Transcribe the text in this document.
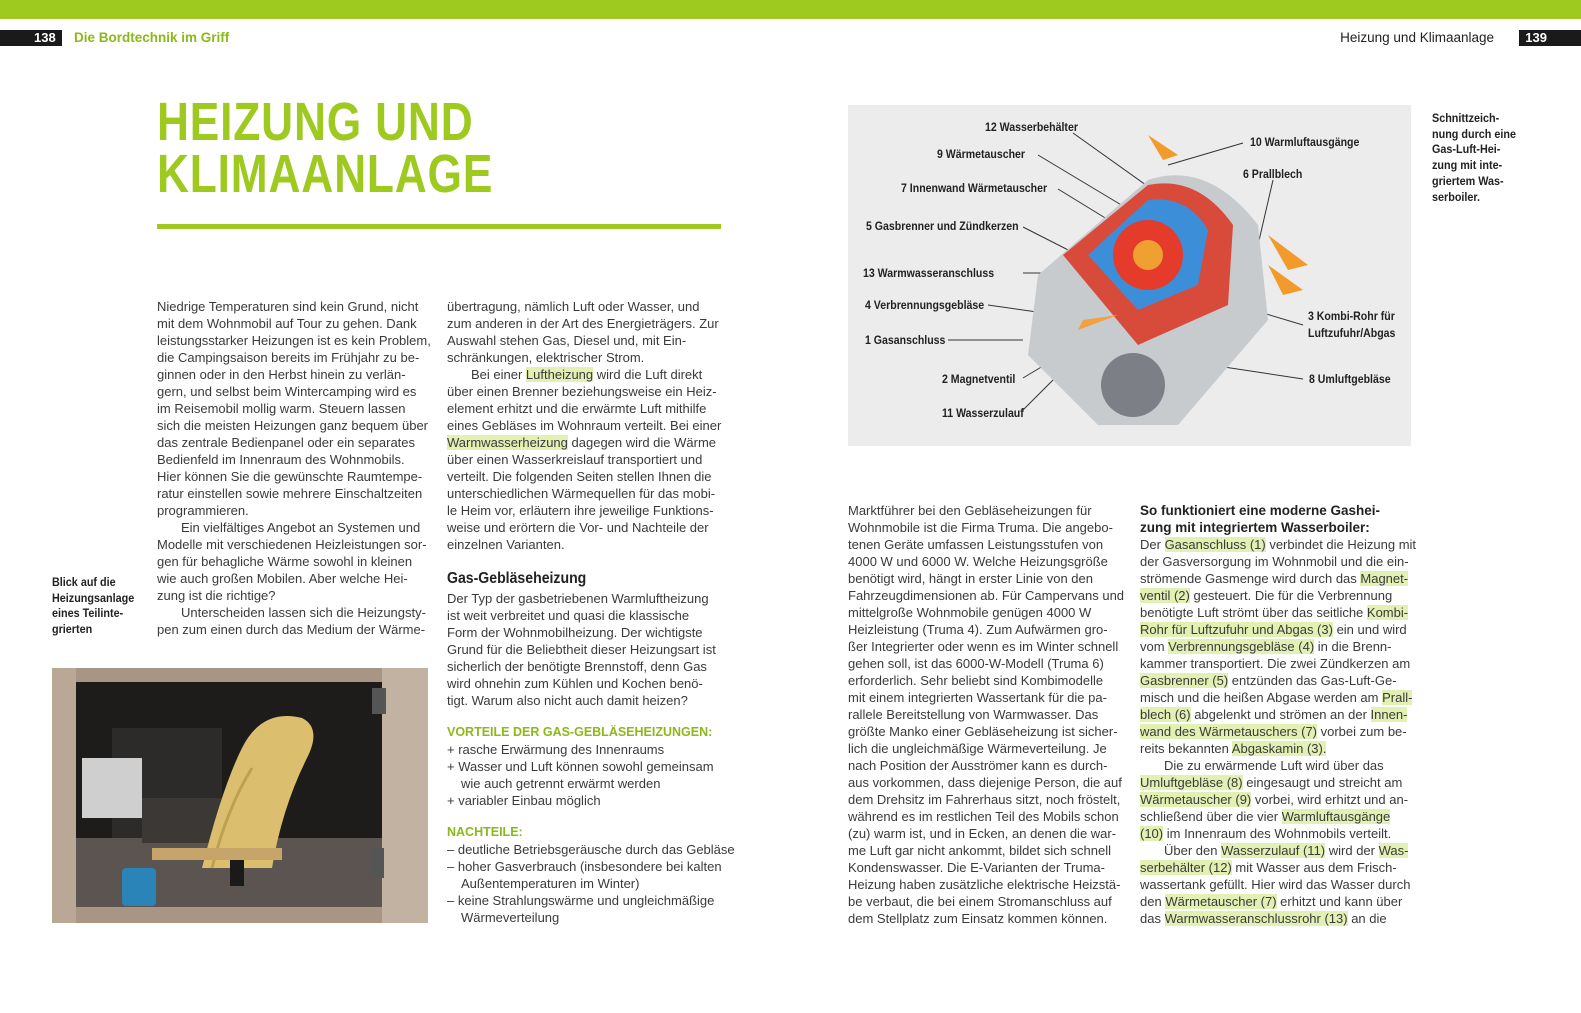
138	Die Bordtechnik im Griff	Heizung und Klimaanlage	139
HEIZUNG UND
KLIMAANLAGE
Niedrige Temperaturen sind kein Grund, nicht
mit dem Wohnmobil auf Tour zu gehen. Dank
leistungsstarker Heizungen ist es kein Problem,
die Campingsaison bereits im Frühjahr zu be-
ginnen oder in den Herbst hinein zu verlän-
gern, und selbst beim Wintercamping wird es
im Reisemobil mollig warm. Steuern lassen
sich die meisten Heizungen ganz bequem über
das zentrale Bedienpanel oder ein separates
Bedienfeld im Innenraum des Wohnmobils.
Hier können Sie die gewünschte Raumtempe-
ratur einstellen sowie mehrere Einschaltzeiten
programmieren.
Ein vielfältiges Angebot an Systemen und
Modelle mit verschiedenen Heizleistungen sor-
gen für behagliche Wärme sowohl in kleinen
wie auch großen Mobilen. Aber welche Hei-
zung ist die richtige?
Unterscheiden lassen sich die Heizungsty-
pen zum einen durch das Medium der Wärme-
übertragung, nämlich Luft oder Wasser, und
zum anderen in der Art des Energieträgers. Zur
Auswahl stehen Gas, Diesel und, mit Ein-
schränkungen, elektrischer Strom.
Bei einer Luftheizung wird die Luft direkt
über einen Brenner beziehungsweise ein Heiz-
element erhitzt und die erwärmte Luft mithilfe
eines Gebläses im Wohnraum verteilt. Bei einer
Warmwasserheizung dagegen wird die Wärme
über einen Wasserkreislauf transportiert und
verteilt. Die folgenden Seiten stellen Ihnen die
unterschiedlichen Wärmequellen für das mobi-
le Heim vor, erläutern ihre jeweilige Funktions-
weise und erörtern die Vor- und Nachteile der
einzelnen Varianten.
Gas-Gebläseheizung
Der Typ der gasbetriebenen Warmluftheizung
ist weit verbreitet und quasi die klassische
Form der Wohnmobilheizung. Der wichtigste
Grund für die Beliebtheit dieser Heizungsart ist
sicherlich der benötigte Brennstoff, denn Gas
wird ohnehin zum Kühlen und Kochen benö-
tigt. Warum also nicht auch damit heizen?
VORTEILE DER GAS-GEBLÄSEHEIZUNGEN:
+ rasche Erwärmung des Innenraums
+ Wasser und Luft können sowohl gemeinsam
wie auch getrennt erwärmt werden
+ variabler Einbau möglich
NACHTEILE:
– deutliche Betriebsgeräusche durch das Gebläse
– hoher Gasverbrauch (insbesondere bei kalten
Außentemperaturen im Winter)
– keine Strahlungswärme und ungleichmäßige
Wärmeverteilung
Marktführer bei den Gebläseheizungen für
Wohnmobile ist die Firma Truma. Die angebo-
tenen Geräte umfassen Leistungsstufen von
4000 W und 6000 W. Welche Heizungsgröße
benötigt wird, hängt in erster Linie von den
Fahrzeugdimensionen ab. Für Campervans und
mittelgroße Wohnmobile genügen 4000 W
Heizleistung (Truma 4). Zum Aufwärmen gro-
ßer Integrierter oder wenn es im Winter schnell
gehen soll, ist das 6000-W-Modell (Truma 6)
erforderlich. Sehr beliebt sind Kombimodelle
mit einem integrierten Wassertank für die pa-
rallele Bereitstellung von Warmwasser. Das
größte Manko einer Gebläseheizung ist sicher-
lich die ungleichmäßige Wärmeverteilung. Je
nach Position der Ausströmer kann es durch-
aus vorkommen, dass diejenige Person, die auf
dem Drehsitz im Fahrerhaus sitzt, noch fröstelt,
während es im restlichen Teil des Mobils schon
(zu) warm ist, und in Ecken, an denen die war-
me Luft gar nicht ankommt, bildet sich schnell
Kondenswasser. Die E-Varianten der Truma-
Heizung haben zusätzliche elektrische Heizstä-
be verbaut, die bei einem Stromanschluss auf
dem Stellplatz zum Einsatz kommen können.
So funktioniert eine moderne Gashei-
zung mit integriertem Wasserboiler:
Der Gasanschluss (1) verbindet die Heizung mit
der Gasversorgung im Wohnmobil und die ein-
strömende Gasmenge wird durch das Magnet-
ventil (2) gesteuert. Die für die Verbrennung
benötigte Luft strömt über das seitliche Kombi-
Rohr für Luftzufuhr und Abgas (3) ein und wird
vom Verbrennungsgebläse (4) in die Brenn-
kammer transportiert. Die zwei Zündkerzen am
Gasbrenner (5) entzünden das Gas-Luft-Ge-
misch und die heißen Abgase werden am Prall-
blech (6) abgelenkt und strömen an der Innen-
wand des Wärmetauschers (7) vorbei zum be-
reits bekannten Abgaskamin (3).
Die zu erwärmende Luft wird über das
Umluftgebläse (8) eingesaugt und streicht am
Wärmetauscher (9) vorbei, wird erhitzt und an-
schließend über die vier Warmluftausgänge
(10) im Innenraum des Wohnmobils verteilt.
Über den Wasserzulauf (11) wird der Was-
serbehälter (12) mit Wasser aus dem Frisch-
wassertank gefüllt. Hier wird das Wasser durch
den Wärmetauscher (7) erhitzt und kann über
das Warmwasseranschlussrohr (13) an die
Blick auf die
Heizungsanlage
eines Teilinte-
grierten
Schnittzeich-
nung durch eine
Gas-Luft-Hei-
zung mit inte-
griertem Was-
serboiler.
12 Wasserbehälter
9 Wärmetauscher
7 Innenwand Wärmetauscher
5 Gasbrenner und Zündkerzen
13 Warmwasseranschluss
4 Verbrennungsgebläse
1 Gasanschluss
2 Magnetventil
11 Wasserzulauf
10 Warmluftausgänge
6 Prallblech
3 Kombi-Rohr für
Luftzufuhr/Abgas
8 Umluftgebläse
